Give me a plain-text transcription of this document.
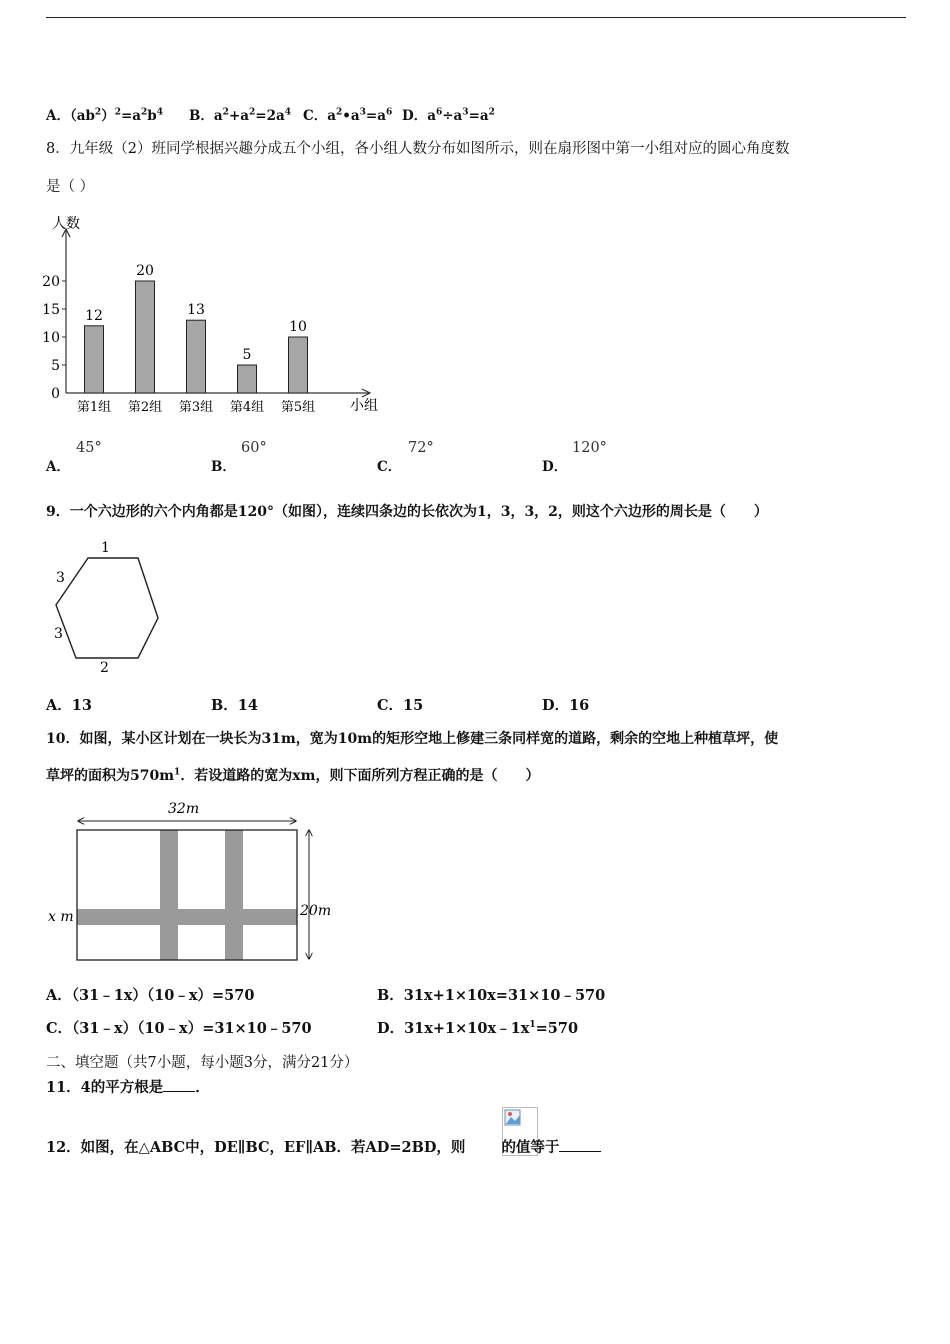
A．$(ab^2)^2=a^2b^4$ B．$a^2+a^2=2a^4$ C．$a^2•a^3=a^6$ D．$a^6\div a^3=a^2$
8．九年级（2）班同学根据兴趣分成五个小组，各小组人数分布如图所示，则在扇形图中第一小组对应的圆心角度数
是（ ）
0
5
10
15
20
12
20
13
5
10
第1组 第2组 第3组 第4组 第5组
人数
小组
A．
45°
B．
60°
C．
72°
D．
120°
9．一个六边形的六个内角都是120°（如图），连续四条边的长依次为1，3，3，2，则这个六边形的周长是（　　）
1
3
3
2
A．13	B．14	C．15	D．16
10．如图，某小区计划在一块长为31m，宽为10m的矩形空地上修建三条同样宽的道路，剩余的空地上种植草坪，使
草坪的面积为$570m^1$．若设道路的宽为xm，则下面所列方程正确的是（　　）
32m
20m
x m
A．（31﹣1x）（10﹣x）=570	B．31x+1×10x=31×10﹣570
C．（31﹣x）（10﹣x）=31×10﹣570	D．$31x+1\times 10x﹣1x^1=570$
二、填空题（共7小题，每小题3分，满分21分）
11．4的平方根是 ．
12．如图，在△ABC中，DE∥BC，EF∥AB．若AD=2BD，则 的值等于
